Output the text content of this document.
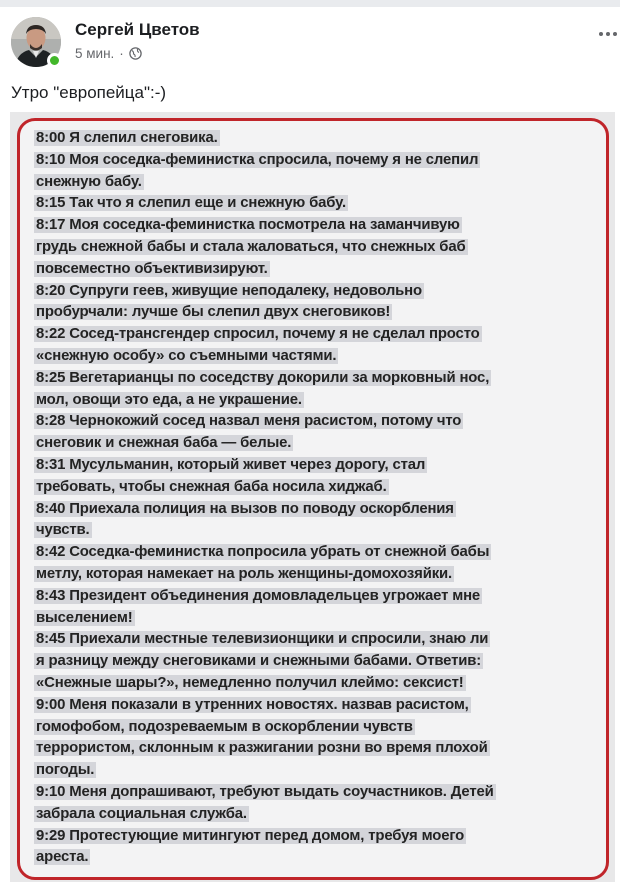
Сергей Цветов
5 мин. ·
Утро "европейца":-)
8:00 Я слепил снеговика.
8:10 Моя соседка-феминистка спросила, почему я не слепил
снежную бабу.
8:15 Так что я слепил еще и снежную бабу.
8:17 Моя соседка-феминистка посмотрела на заманчивую
грудь снежной бабы и стала жаловаться, что снежных баб
повсеместно объективизируют.
8:20 Супруги геев, живущие неподалеку, недовольно
пробурчали: лучше бы слепил двух снеговиков!
8:22 Сосед-трансгендер спросил, почему я не сделал просто
«снежную особу» со съемными частями.
8:25 Вегетарианцы по соседству докорили за морковный нос,
мол, овощи это еда, а не украшение.
8:28 Чернокожий сосед назвал меня расистом, потому что
снеговик и снежная баба — белые.
8:31 Мусульманин, который живет через дорогу, стал
требовать, чтобы снежная баба носила хиджаб.
8:40 Приехала полиция на вызов по поводу оскорбления
чувств.
8:42 Соседка-феминистка попросила убрать от снежной бабы
метлу, которая намекает на роль женщины-домохозяйки.
8:43 Президент объединения домовладельцев угрожает мне
выселением!
8:45 Приехали местные телевизионщики и спросили, знаю ли
я разницу между снеговиками и снежными бабами. Ответив:
«Снежные шары?», немедленно получил клеймо: сексист!
9:00 Меня показали в утренних новостях. назвав расистом,
гомофобом, подозреваемым в оскорблении чувств
террористом, склонным к разжигании розни во время плохой
погоды.
9:10 Меня допрашивают, требуют выдать соучастников. Детей
забрала социальная служба.
9:29 Протестующие митингуют перед домом, требуя моего
ареста.
